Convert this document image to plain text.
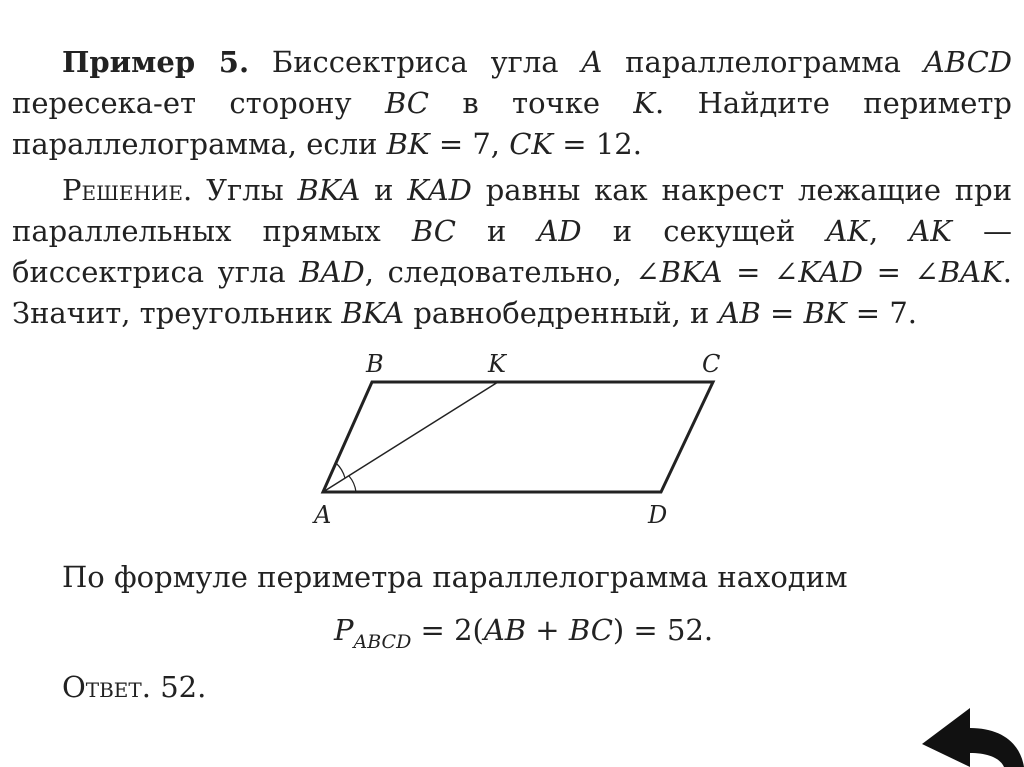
Пример 5. Биссектриса угла A параллелограмма ABCD пересека-ет сторону BC в точке K. Найдите периметр параллелограмма, если BK = 7, CK = 12.

Решение. Углы BKA и KAD равны как накрест лежащие при параллельных прямых BC и AD и секущей AK, AK — биссектриса угла BAD, следовательно, ∠BKA = ∠KAD = ∠BAK. Значит, треугольник BKA равнобедренный, и AB = BK = 7.

B	K	C
A	D

По формуле периметра параллелограмма находим

$P_{ABCD} = 2(AB + BC) = 52$.

Ответ. 52.
